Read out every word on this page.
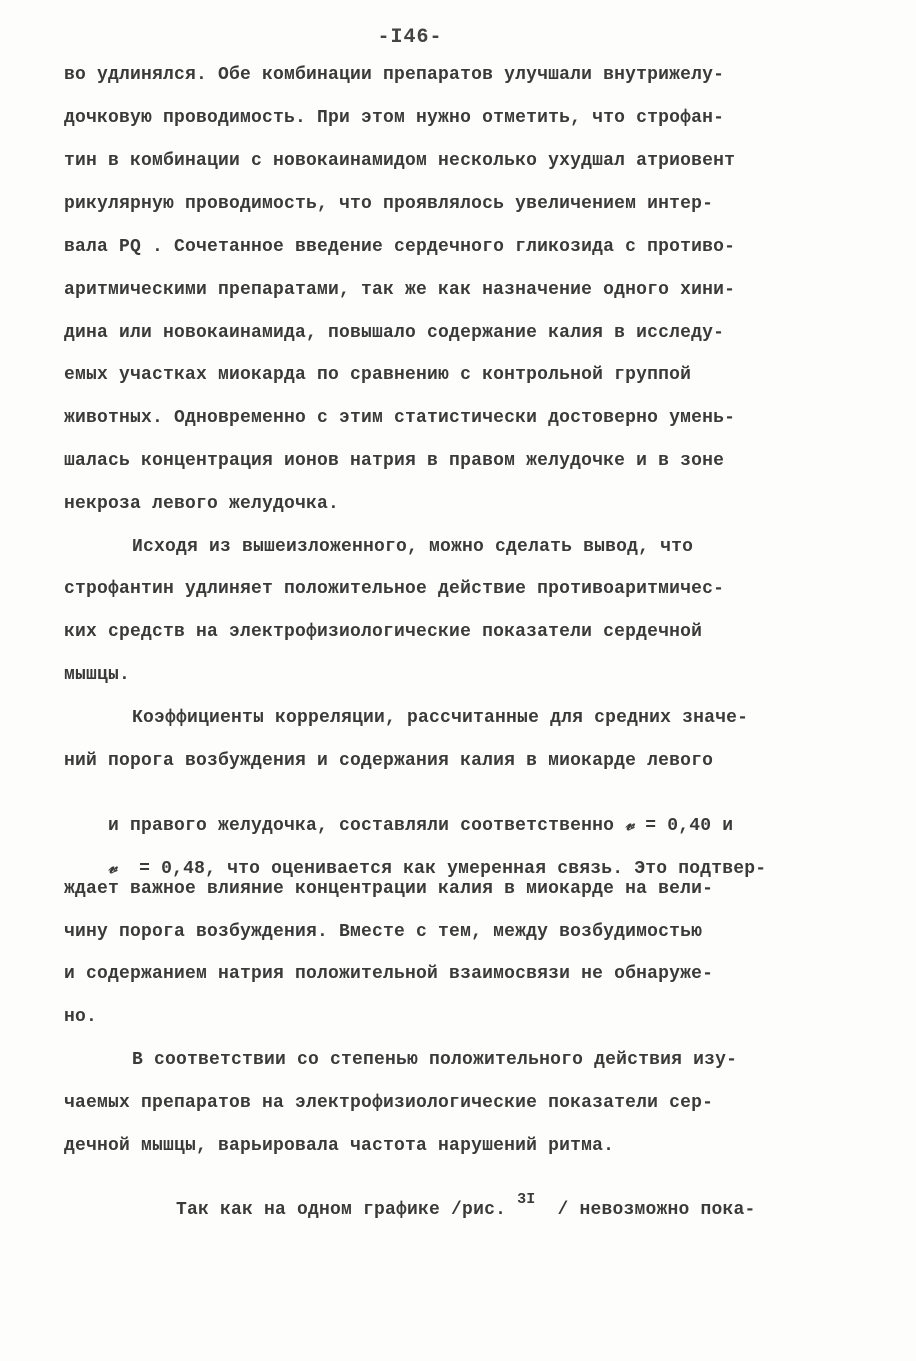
-I46-
во удлинялся. Обе комбинации препаратов улучшали внутрижелу-
дочковую проводимость. При этом нужно отметить, что строфан-
тин в комбинации с новокаинамидом несколько ухудшал атриовент
рикулярную проводимость, что проявлялось увеличением интер-
вала PQ . Сочетанное введение сердечного гликозида с противо-
аритмическими препаратами, так же как назначение одного хини-
дина или новокаинамида, повышало содержание калия в исследу-
емых участках миокарда по сравнению с контрольной группой
животных. Одновременно с этим статистически достоверно умень-
шалась концентрация ионов натрия в правом желудочке и в зоне
некроза левого желудочка.
Исходя из вышеизложенного, можно сделать вывод, что
строфантин удлиняет положительное действие противоаритмичес-
ких средств на электрофизиологические показатели сердечной
мышцы.
Коэффициенты корреляции, рассчитанные для средних значе-
ний порога возбуждения и содержания калия в миокарде левого

и правого желудочка, составляли соответственно 𝓋 = 0,40 и

𝓋 = 0,48, что оценивается как умеренная связь. Это подтвер-

ждает важное влияние концентрации калия в миокарде на вели-
чину порога возбуждения. Вместе с тем, между возбудимостью
и содержанием натрия положительной взаимосвязи не обнаруже-
но.
В соответствии со степенью положительного действия изу-
чаемых препаратов на электрофизиологические показатели сер-
дечной мышцы, варьировала частота нарушений ритма.

Так как на одном графике /рис. $^{3I}$  / невозможно пока-
